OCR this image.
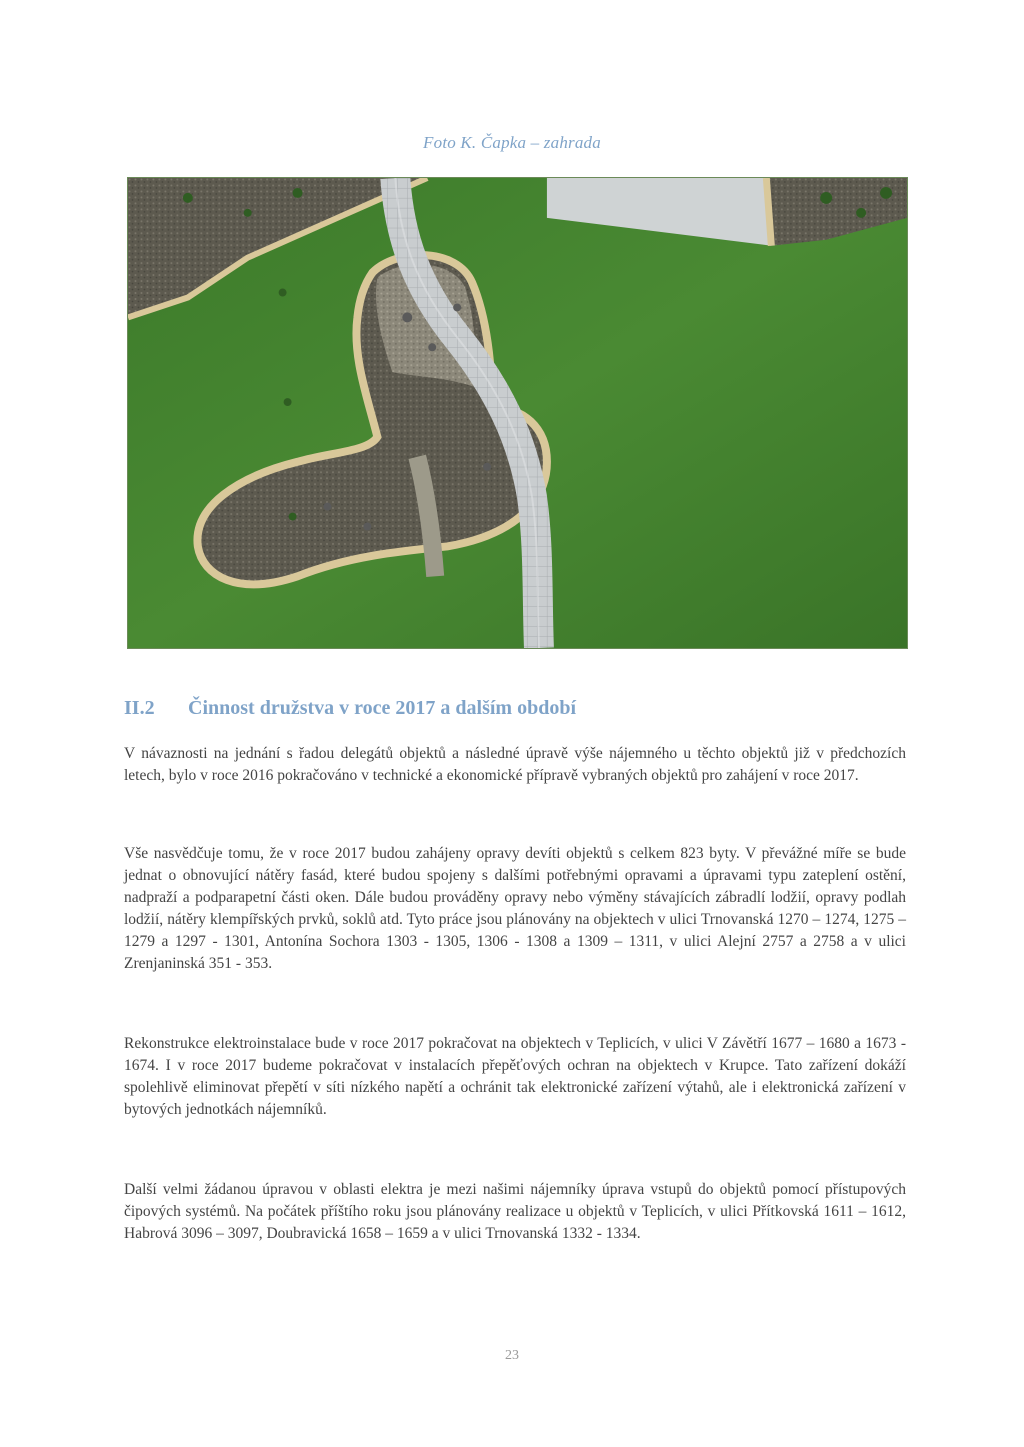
Foto K. Čapka – zahrada
II.2 Činnost družstva v roce 2017 a dalším období

V návaznosti na jednání s řadou delegátů objektů a následné úpravě výše nájemného u těchto objektů již v předchozích letech, bylo v roce 2016 pokračováno v technické a ekonomické přípravě vybraných objektů pro zahájení v roce 2017.

Vše nasvědčuje tomu, že v roce 2017 budou zahájeny opravy devíti objektů s celkem 823 byty. V převážné míře se bude jednat o obnovující nátěry fasád, které budou spojeny s dalšími potřebnými opravami a úpravami typu zateplení ostění, nadpraží a podparapetní části oken. Dále budou prováděny opravy nebo výměny stávajících zábradlí lodžií, opravy podlah lodžií, nátěry klempířských prvků, soklů atd. Tyto práce jsou plánovány na objektech v ulici Trnovanská 1270 – 1274, 1275 – 1279 a 1297 - 1301, Antonína Sochora 1303 - 1305, 1306 - 1308 a 1309 – 1311, v ulici Alejní 2757 a 2758 a v ulici Zrenjaninská 351 - 353.

Rekonstrukce elektroinstalace bude v roce 2017 pokračovat na objektech v Teplicích, v ulici V Závětří 1677 – 1680 a 1673 - 1674. I v roce 2017 budeme pokračovat v instalacích přepěťových ochran na objektech v Krupce. Tato zařízení dokáží spolehlivě eliminovat přepětí v síti nízkého napětí a ochránit tak elektronické zařízení výtahů, ale i elektronická zařízení v bytových jednotkách nájemníků.

Další velmi žádanou úpravou v oblasti elektra je mezi našimi nájemníky úprava vstupů do objektů pomocí přístupových čipových systémů. Na počátek příštího roku jsou plánovány realizace u objektů v Teplicích, v ulici Přítkovská 1611 – 1612, Habrová 3096 – 3097, Doubravická 1658 – 1659 a v ulici Trnovanská 1332 - 1334.

23
